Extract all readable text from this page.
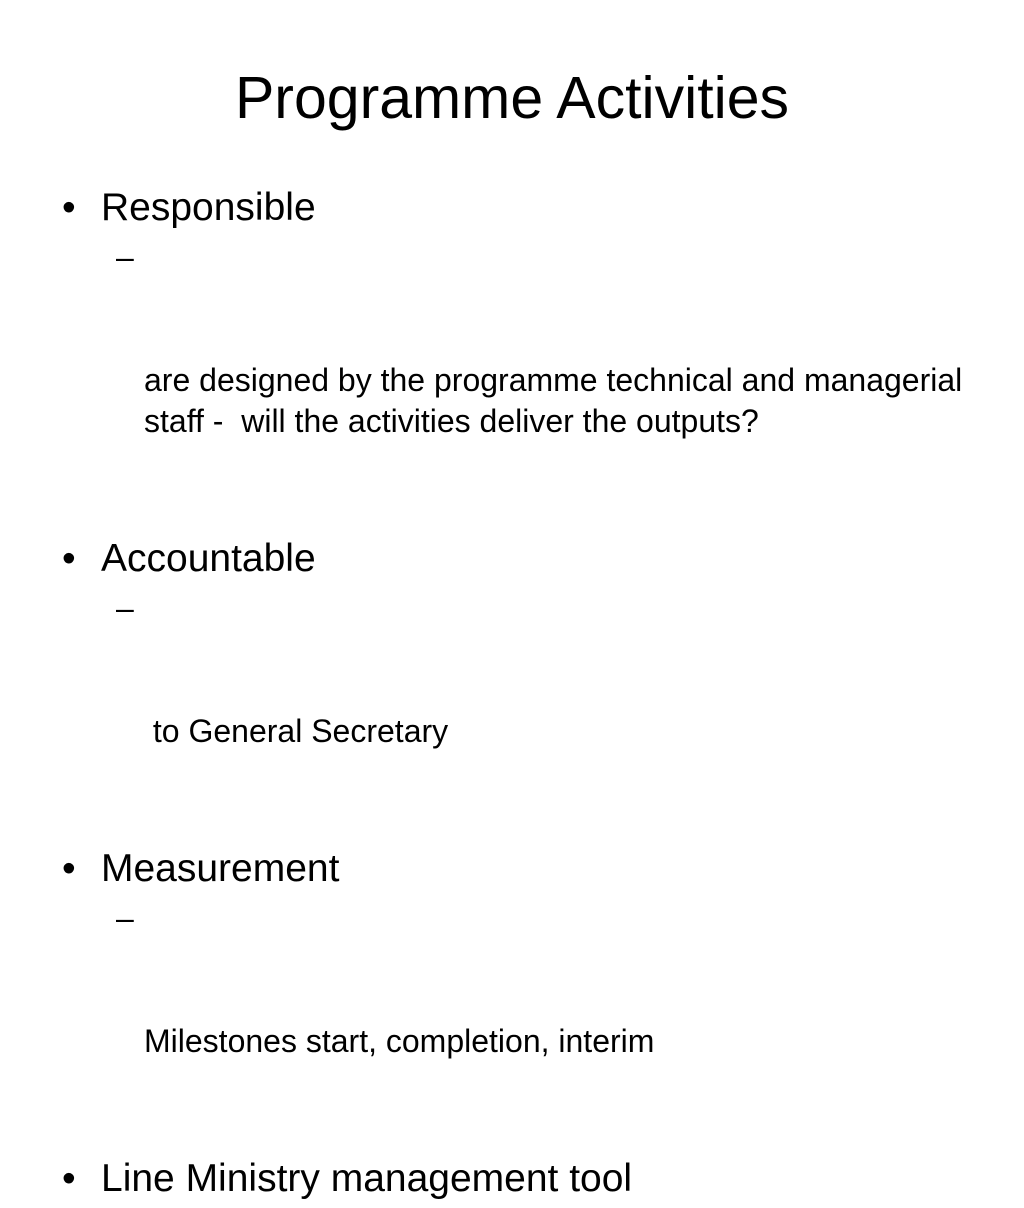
Programme Activities
• Responsible

–

are designed by the programme technical and managerial staff -  will the activities deliver the outputs?

• Accountable

–

to General Secretary

• Measurement

–

Milestones start, completion, interim

• Line Ministry management tool
